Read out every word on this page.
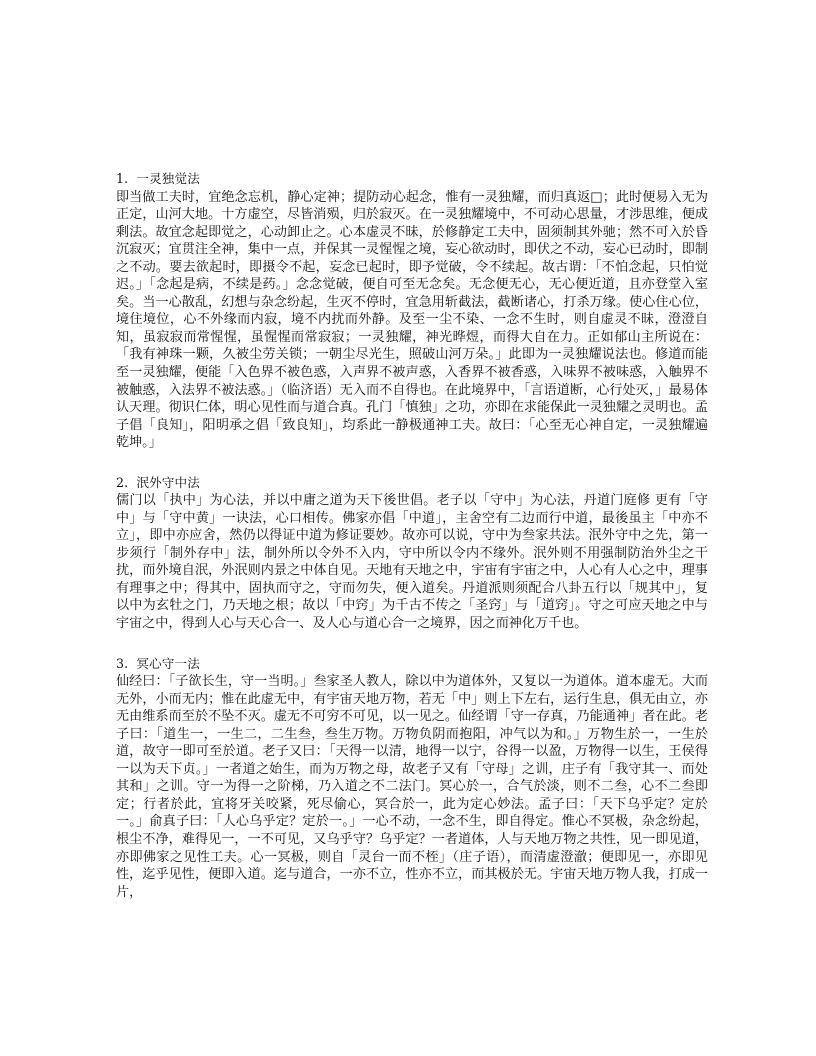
1.  一灵独觉法

即当做工夫时，宜绝念忘机，静心定神；提防动心起念，惟有一灵独耀，而归真返□；此时便易入无为正定，山河大地。十方虚空，尽皆消殒，归於寂灭。在一灵独耀境中，不可动心思量，才涉思维，便成剩法。故宜念起即觉之，心动卸止之。心本虚灵不昧，於修静定工夫中，固须制其外驰；然不可入於昏沉寂灭；宜贯注全神，集中一点，并保其一灵惺惺之境，妄心欲动时，即伏之不动，妄心已动时，即制之不动。要去欲起时，即摄令不起，妄念已起时，即予觉破，令不续起。故古谓：「不怕念起，只怕觉迟。」「念起是病，不续是药。」念念觉破，便自可至无念矣。无念便无心，无心便近道，且亦登堂入室矣。当一心散乱，幻想与杂念纷起，生灭不停时，宜急用斩截法，截断诸心，打杀万缘。使心住心位，境住境位，心不外缘而内寂，境不内扰而外静。及至一尘不染、一念不生时，则自虚灵不昧，澄澄自知，虽寂寂而常惺惺，虽惺惺而常寂寂；一灵独耀，神光晔煜，而得大自在力。正如郁山主所说在：「我有神珠一颗，久被尘劳关锁；一朝尘尽光生，照破山河万朵。」此即为一灵独耀说法也。修道而能至一灵独耀，便能「入色界不被色惑，入声界不被声惑，入香界不被香惑，入味界不被味惑，入触界不被触惑，入法界不被法惑。」（临济语）无入而不自得也。在此境界中，「言语道断，心行处灭，」最易体认天理。彻识仁体，明心见性而与道合真。孔门「慎独」之功，亦即在求能保此一灵独耀之灵明也。孟子倡「良知」，阳明承之倡「致良知」，均系此一静极通神工夫。故曰：「心至无心神自定，一灵独耀遍乾坤。」

2.  泯外守中法

儒门以「执中」为心法，并以中庸之道为天下後世倡。老子以「守中」为心法，丹道门庭修 更有「守中」与「守中黄」一诀法，心口相传。佛家亦倡「中道」，主舍空有二边而行中道，最後虽主「中亦不立」，即中亦应舍，然仍以得证中道为修证要妙。故亦可以说，守中为叁家共法。泯外守中之先，第一步须行「制外存中」法，制外所以令外不入内，守中所以令内不缘外。泯外则不用强制防治外尘之干扰，而外境自泯，外泯则内景之中体自见。天地有天地之中，宇宙有宇宙之中，人心有人心之中，理事有理事之中；得其中，固执而守之，守而勿失，便入道矣。丹道派则须配合八卦五行以「规其中」，复以中为玄牡之门，乃天地之根；故以「中窍」为千古不传之「圣窍」与「道窍」。守之可应天地之中与宇宙之中，得到人心与天心合一、及人心与道心合一之境界，因之而神化万千也。

3.  冥心守一法

仙经曰：「子欲长生，守一当明。」叁家圣人教人，除以中为道体外，又复以一为道体。道本虚无。大而无外，小而无内；惟在此虚无中，有宇宙天地万物，若无「中」则上下左右，运行生息，俱无由立，亦无由维系而至於不坠不灭。虚无不可穷不可见，以一见之。仙经谓「守一存真，乃能通神」者在此。老子曰：「道生一，一生二，二生叁，叁生万物。万物负阴而抱阳，冲气以为和。」万物生於一，一生於道，故守一即可至於道。老子又曰：「天得一以清，地得一以宁，谷得一以盈，万物得一以生，王侯得一以为天下贞。」一者道之始生，而为万物之母，故老子又有「守母」之训，庄子有「我守其一、而处其和」之训。守一为得一之阶梯，乃入道之不二法门。冥心於一，合气於淡，则不二叁，心不二叁即定；行者於此，宜将牙关咬紧，死尽偷心，冥合於一，此为定心妙法。孟子曰：「天下乌乎定？定於一。」俞真子曰：「人心乌乎定？定於一。」一心不动，一念不生，即自得定。惟心不冥极，杂念纷起，根尘不净，难得见一，一不可见，又乌乎守？乌乎定？一者道体，人与天地万物之共性，见一即见道，亦即佛家之见性工夫。心一冥极，则自「灵台一而不桎」（庄子语），而清虚澄澈；便即见一，亦即见性，迄乎见性，便即入道。迄与道合，一亦不立，性亦不立，而其极於无。宇宙天地万物人我，打成一片，
